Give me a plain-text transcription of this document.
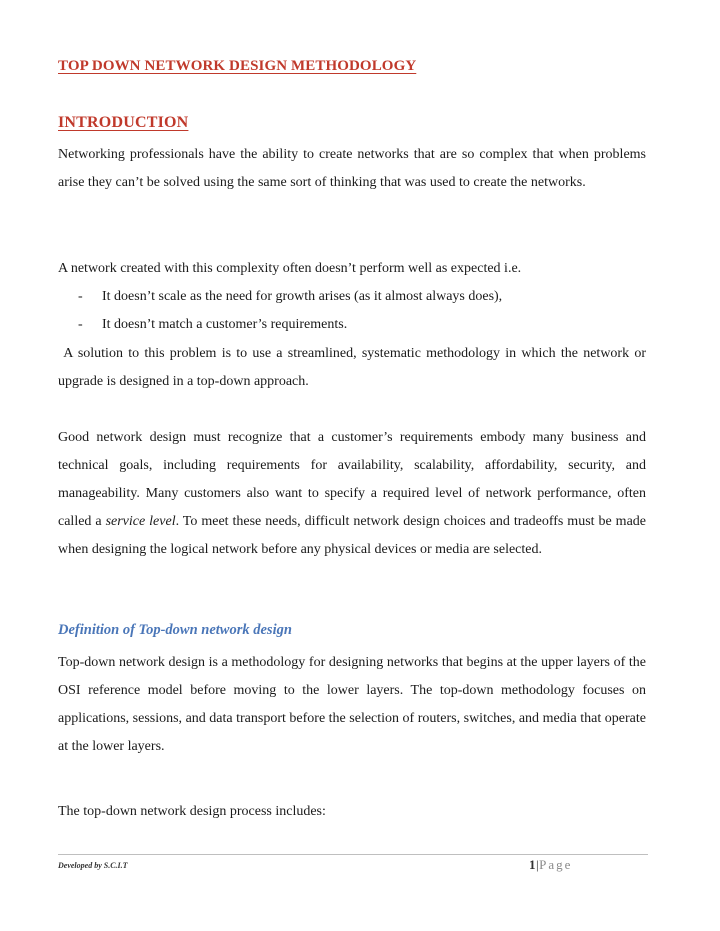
TOP DOWN NETWORK DESIGN METHODOLOGY
INTRODUCTION

Networking professionals have the ability to create networks that are so complex that when problems arise they can’t be solved using the same sort of thinking that was used to create the networks.

A network created with this complexity often doesn’t perform well as expected i.e.

-	It doesn’t scale as the need for growth arises (as it almost always does),
-	It doesn’t match a customer’s requirements.

A solution to this problem is to use a streamlined, systematic methodology in which the network or upgrade is designed in a top-down approach.

Good network design must recognize that a customer’s requirements embody many business and technical goals, including requirements for availability, scalability, affordability, security, and manageability. Many customers also want to specify a required level of network performance, often called a service level. To meet these needs, difficult network design choices and tradeoffs must be made when designing the logical network before any physical devices or media are selected.

Definition of Top-down network design

Top-down network design is a methodology for designing networks that begins at the upper layers of the OSI reference model before moving to the lower layers. The top-down methodology focuses on applications, sessions, and data transport before the selection of routers, switches, and media that operate at the lower layers.

The top-down network design process includes:

Developed by S.C.I.T	1|Page
